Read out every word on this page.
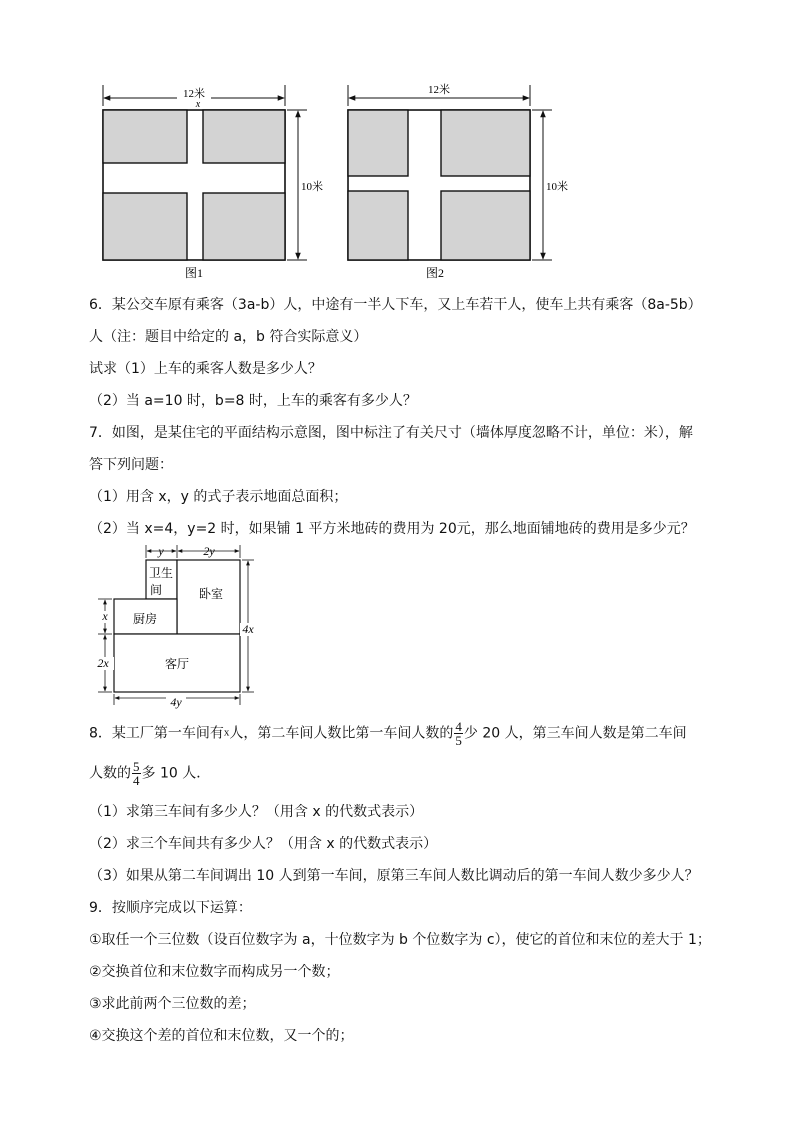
12米
x
10米
图1
12米
10米
图2
6．某公交车原有乘客（3a-b）人，中途有一半人下车，又上车若干人，使车上共有乘客（8a-5b）
人（注：题目中给定的 a，b 符合实际意义）
试求（1）上车的乘客人数是多少人？
（2）当 a=10 时，b=8 时，上车的乘客有多少人？
7．如图，是某住宅的平面结构示意图，图中标注了有关尺寸（墙体厚度忽略不计，单位：米），解
答下列问题：
（1）用含 x，y 的式子表示地面总面积；
（2）当 x=4，y=2 时，如果铺 1 平方米地砖的费用为 20元，那么地面铺地砖的费用是多少元？
y	2y
卫生
间	卧室
厨房
客厅
x
2x
4x
4y
8．某工厂第一车间有x人，第二车间人数比第一车间人数的 $\frac{4}{5}$ 少 20 人，第三车间人数是第二车间
人数的 $\frac{5}{4}$ 多 10 人．
（1）求第三车间有多少人？（用含 x 的代数式表示）
（2）求三个车间共有多少人？（用含 x 的代数式表示）
（3）如果从第二车间调出 10 人到第一车间，原第三车间人数比调动后的第一车间人数少多少人？
9．按顺序完成以下运算：
①取任一个三位数（设百位数字为 a，十位数字为 b 个位数字为 c），使它的首位和末位的差大于 1；
②交换首位和末位数字而构成另一个数；
③求此前两个三位数的差；
④交换这个差的首位和末位数，又一个的；
